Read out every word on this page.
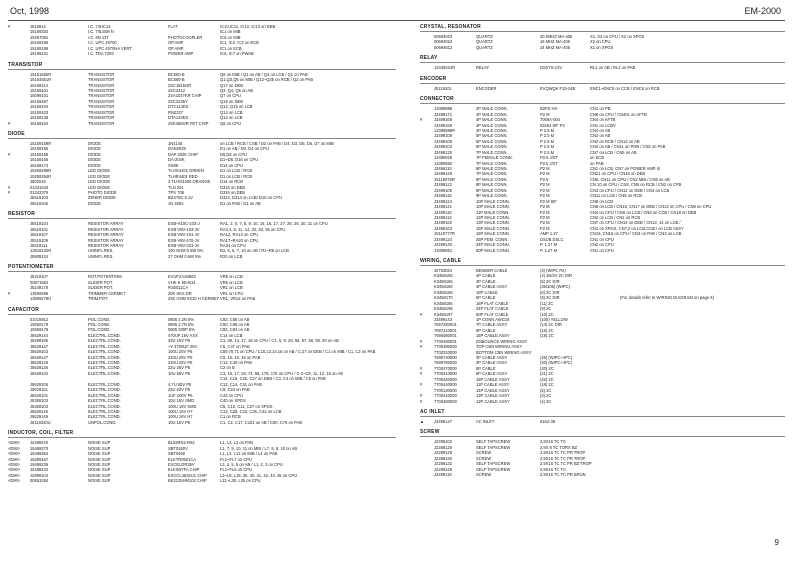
Oct, 1998	EM-2000
#	J515914	I.C. 74HC14	FLAT	IC10,IC11, IC12, IC13 on DEB
15169334	I.C. 74LS08 N	IC1 on MIB
15257081	I.C. 6N 137	PHOTOCOUPLER	IC6 on MIB
15169186	I.C. UPC 4570C	OP.AMP.	IC1, IC2, IC3 on ECB
15169189	I.C. UPC 4570HA VERT.	OP.AMP.	IC1 on ECB
15199101	I.C. TDA 7283	POWER AMP	IC6, IC7 on PWAB
TRANSISTOR
15151565R	TRANSISTOR	BC550-B	Q8 on MIB / Q1 on AB / Q4 on LCB / Q1 on PAB
15154561R	TRANSISTOR	BC560-B	Q1,Q3,Q5 on MIB / Q12~Q25 on RCB / Q2 on PAB
15159114	TRANSISTOR	2SC1815GR	Q17 on DEB
15159101	TRANSISTOR	2SC2412	Q3, Q4, Q5 on AB
15099101	TRANSISTOR	2SA1037KR CHIP	Q7 on CPU
15159457	TRANSISTOR	2SC2236Y	Q16 on DEB
15159104	TRANSISTOR	DTC114ES	Q12, Q15 on LCB
15159103	TRANSISTOR	RN2227	Q14 on LCB
15159138	TRANSISTOR	DTA143ES	Q13 on LCB
#	15159104	TRANSISTOR	2SK368GR FET CHIP	Q8 on CPU
DIODE
15159159R	DIODE	1N4148	on LCB / RCB / CSB / D2 on PAB / D4, D3, D5, D6, D7 on MIB
15159165	DIODE	DAN202K	D1 on AB / D3, D4 on CPU
#	15159168	DIODE	DAP 202K CHIP	D5,D6 on CPU
15159165	DIODE	DA-204K	D1~D8, D16 on CPU
15159174	DIODE	SS88	D14 on CPU
15259296R	LED DIODE	TLHG4401 GREEN	D1 on LCB / RCB
15259294R	LED DIODE	TLHR4401 RED	D1 on LCB / RCB
J502016	LED DIODE	3 TLHO4400 ORANGE	D14 on RCB
#	01341633	LED DIODE	TLN 201	D316 on DEB
#	01342376	PHOTO DIODE	TPS 708	D315 on DEB
J5519103	ZENER DIODE	BZX79C 5.1V	D312, D314 on LCB/ D10 on CPU
J5519106	DIODE	1N 4002	D1 on PAB / D1 on AB
RESISTOR
J5519104	RESISTOR ARRAY	EXB-H10C-103-J	RA1, 2, 6, 7, 8, 9, 10, 15, 16, 17, 27, 28, 29, 30, 31 on CPU
J5519101	RESISTOR ARRAY	EXB-V8V-103-JV	RA3,4, 5, 11, 14, 32, 33, 35 on CPU
J5519107	RESISTOR ARRAY	EXB-V8V-101-JV	RA12, RA13 on CPU
J5519109	RESISTOR ARRAY	EXB-V8V-470-JV	RA17~RA20 on CPU
J5519111	RESISTOR ARRAY	EXB-V8V-331-JV	RA34 on CPU
13819132R	UNINFL.RES.	100 OHM 0.6W 5%	R2, 5, 6, 7, 10 on AB / R1~R8 on LCB
J5909134	UNINFL.RES.	27 OHM 0.6W 5%	R23 on LCB
POTENTIOMETER
J5219107	ROT.POTENTIOM.	EVUF2A16B63	VR5 on LCB
00871564	SLIDER POT.	VHK-K 5D-B14	VR6 on LCB
J5249178	SLIDER POT.	RS6011CA	VR1 on LCB
#	13599296	TRIMMER CERMET	20K SKS DR	VR1 on CPU
13599278U	TRIM.POT.	22K OHM 6X10 H CERMET VR1, VR12 on PAB
CAPACITOR
01015912	POL.COND.	0805 2.2N 5%	C83, C85 on AB
15559178	POL.COND.	0805 2.7N 5%	C60, C86 on AB
15559179	POL.COND.	0805 330P 5%	C82, C84 on AB
J5629144	ELECTRL.COND.	470UF 16V AXX	C14 on LCB
J5499196	ELECTRL.COND.	33U 16V P5	C1, 69, 14, 17, 18 on CPU / C4, 5, 9, 29, 56, 57, 58, 59, 60 on AB
J5629147	ELECTRL.COND.	~V 4700UF 25V	C5, C47 on PAB
J5629103	ELECTRL.COND.	100U 25V P5	C69,70,71 on CPU / C10,13,14,15 on AB / C,27 on DEB / C1 on MIB / C1, C2 on PAB
J5629147	ELECTRL.COND.	220U 25V P5	C6, 10, 43, 46 on PAB
J5629148	ELECTRL.COND.	220U 25V P5	C12, C40 on PAB
J5629136	ELECTRL.COND.	22U 25V P5	C2 on B
J5629104	ELECTRL.COND.	10U 50V P5	C3, 15, 17, 26, 74, 96, 175, 176 on CPU / C-4~C8, 11, 12, 16 on AB
C14, C15, C25, C27 on DEB / C3, C4 on MIB / C6 on PAB
J5629105	ELECTRL.COND.	4.7U 50V P5	C13, C14, C41 on PAB
J5629151	ELECTRL.COND.	22U 63V P5	C9, C24 on PAB
J5629101	ELECTRL.COND.	1UF 100V P5	C43 on CPU
J5369103	ELECTRL.COND.	10U 16V SMD	C40 on XPGS
J5369103	ELECTRL.COND.	100U 16V SMD	C6, C10, C11, C27 on XPGS
J5629146	ELECTRL.COND.	100U 16V H7	C13, C28, C34, C35, C42 on LCB
J5629149	ELECTRL.COND.	100U 16V H7	C1 on RCB
J5119340U	UNPOL.COND.	10U 16V P5	C1, C2, C17, C101 on AB / C60, C75 on PAB
INDUCTOR, COIL, FILTER
<EMI>	J2489240	NOISE SUP	BL02RN2-R62	L1, L2, L3 on PAB
<EMI>	15499270	NOISE SUP	SBT0160V	L1, 7, 9, 10, 11 on MIB / L7, 8, 9, 10 on AB
<EMI>	15499254	NOISE SUP	SBT0460	L1, L2, L12 on MIB / L4 on PAB
<EMI>	15299167	NOISE SUP	ELKTR0501CA	FL1~FL7 on CPU
<EMI>	15499236	NOISE SUP	EXCELDR35V	L3, 4, 5, 6 on AB / L1, 2, 3 on CPU
<EMI>	J2499233	NOISE SUP	ELKSN7FA CHIP	FL1~FL6 on CPU
<EMI>	J2999104	NOISE SUP	EXCCL4532U1 CHIP	L3~L8, L15, 35, 40, 41, 42, 44, 45 on CPU
<EMI>	00653284	NOISE SUP	BK2125HM102 CHIP	L21~L30, L35 on CPU
CRYSTAL, RESONATOR
00694023	QUARTZ	20.0MHZ MA-406	X1, X3 on CPU / X2 on XPGS
00694024	QUARTZ	16 MHZ MA-406	X2 on CPU
00694812	QUARTZ	24 MHZ MA-406	X1 on XPGS
RELAY
12439224R	RELAY	DS2YS-12V	RL1 on AB / RL1 on PAB
ENCODER
J5119101	ENCODER	EVQWQK F15-24B	ENC1~ENC5 on CCB / ENC6 on RCB
CONNECTOR
13399898	2P MALE CONN.	B2PS-VH	CN1 on PB
J3499171	2P MALE CONN.	P2 M	CN8 on CPU / CN401 on AFTB
#	J3499168	4P MALE CONN.	7058A-004	CN4 on AFTB
J3499159	4P MALE CONN.	53254 90* P2	CN1 on LCBV
13399589R	4P MALE CONN.	P 2.5 M	CN4 on AB
J3499108	5P MALE CONN.	P 2.5 M	CN2 on AB
J3499109	5P MALE CONN.	P 2.5 M	CN2 on RCB / CN13 on AB
J3499103	6P MALE CONN.	P 2.5 M	CN3 on AB / CN11 on PHB / CN2 on PAB
J3499125	7P MALE CONN.	P 2.5 M	CN7 on LCB / CN5 on AB
13499025	7P FEMALE CONN.	P2.5 J/ST	on ECB
13399592	7P MALE CONN.	P2.5 J/ST	on PAB
J3499110	8P MALE CONN.	P2 M	CN1 on LCB, CN7 on POWER AMP. B
J3499148	7P MALE CONN.	P2 M	CN21 on CPU / CN15 on DEB
15119076R	8P MALE CONN.	P2.5	CN6, CN11 on CPU / CN2 MIB / CN5 on AB
J3499122	8P MALE CONN.	P2 M	CN 10 on CPU / CN3, CN5 on RCB / CN2 on CFB
J3499106	9P MALE CONN.	P2 M	CN3 on CPU / CN12 on DEB / CN4 on LCB
J3499115	9P MALE CONN.	P2 M	CN11 on LCB / CN8 on RCB
J3499124	10P MALE CONN.	P2 M 90*	CN8 on LCB
J3499141	10P MALE CONN.	P2 M	CN5 on LCB / CN16, CN17 on DEB / CN12 on CPU / CN9 on CPU
J3499116	11P MALE CONN.	P2 M	CN4 on CPU / CN6 on LCB / CN8 on CCB / CN18 on DEB
J3499112	12P MALE CONN.	P2 M	CN2 on LCB / CN2 on RCB
J3499162	13P MALE CONN.	P2 M	CN7 on CPU / CN14 on DEB / CN13, 14 on LCB /
J3499163	15P MALE CONN.	P2 M	CN1 on XPGS, CN7,2 on LCB,CCB / on LCB ASSY
15119777R	16P MALE CONN.	AMP 1.27	CN15, CN16 on CPU / CN3 on PAB / CN3 on LCB
J3499124	25P FEM. CONN.	DSUB DSLC	CN1 on CPU
J3499140	34P MALE CONN.	P. 1.27 M	CN2 on CPU
13399851	50P MALE CONN.	P. 1.27 M	CN1 on CPU
WIRING, CABLE
J0763034	BENDER CABLE	(3) (WIPC P2)
K3458155	4P CABLE	(4) 2N/2V 2C DIR
K3458156	4P CABLE	(5) 2C DIR
K3458160	4P CABLE ASSY	(36/106) (WIPC)
K3458166	16P CABLE	(6) 2C DIR
K3458170	8P CABLE	(8) 2C DIR
K3458186	16P FLAT CABLE	(11) 2C
K3458196	34P FLAT CABLE	(9) 2C
#	K3458197	50P FLAT CABLE	(10) 2C
J3499143	1P CONN.AWG18	(100) YELLOW
7697280001	7P CABLE ASSY	(14) 2C DIR
7697210001	9P CABLE	(16) 2C
7695080001	15P CABLE ASSY	(19) 2C
#	7700480001	DSBOUNCE WIRING ASSY
#	7700480000	TOP CBN WIRING ASSY
7700310000	BOTTOM CBN WIRING ASSY
7699730000	3P CABLE ASSY	(26) (WIPC+4PC)
7699760000	3P CABLE ASSY	(20) (WIPC+4PC)
#	7700470000	8P CABLE	(20) 2C
#	7700410000	5P CABLE ASSY	(21) 2C
7700440000	16P CABLE ASSY	(22) 2C
#	7700440000	11P CABLE ASSY	(18) 2C
7700130000	14P CABLE ASSY	(5) 2C
#	7700410000	13P CABLE ASSY	(3) 2C
#	7700450000	12P CABLE ASSY	(4) 2C
AC INLET
▲	J3499127	AC INLET	6162-38
SCREW
J2289102	SELF TAPSCREW	2,9X16 TC TC
J2289126	SELF TAPSCREW	2,9X 8 TC TORX BZ
J2289128	SCREW	2,9X16 TC TC PR TROP
J2289130	SCREW	2,9X16 TC TC PR TROP
J2289132	SELF TAPSCREW	2,9X16 TC TC PR BZ TROP
J2289128	SELF TAPSCREW	2,9X16 TC TC
J2289118	SCREW	2,9X16 TC TC PR BRUN
(For details refer to WIRING DIAGRAM on page 6)
9
